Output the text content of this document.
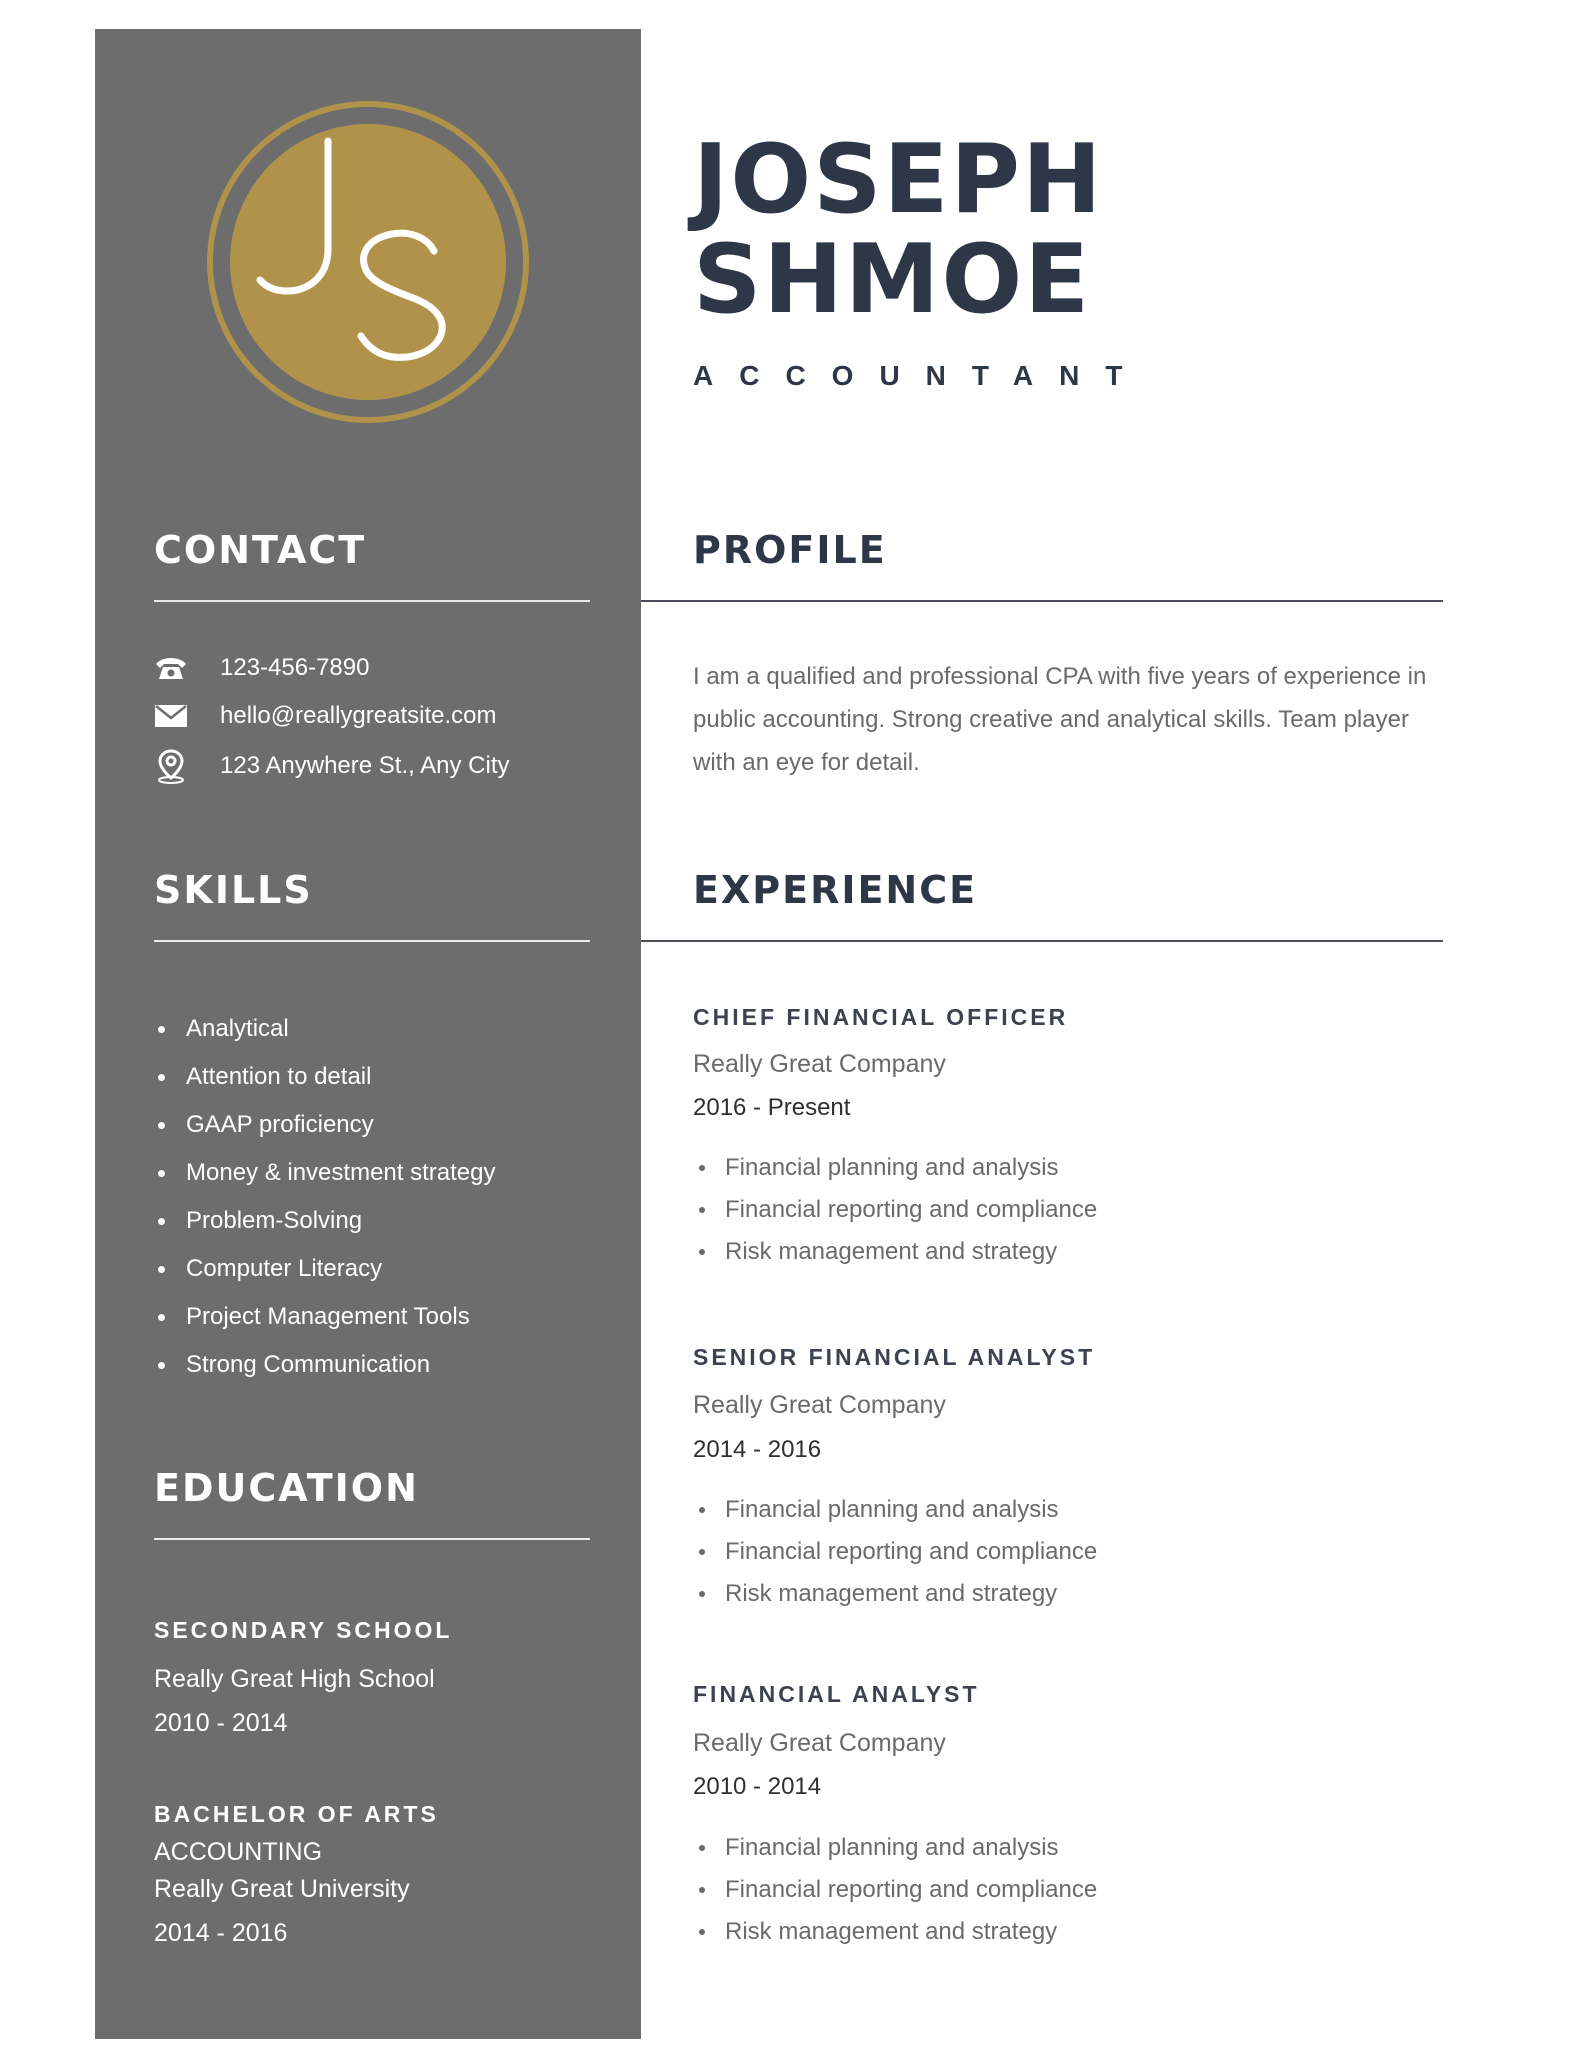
CONTACT
123-456-7890
hello@reallygreatsite.com
123 Anywhere St., Any City
SKILLS
Analytical
Attention to detail
GAAP proficiency
Money & investment strategy
Problem-Solving
Computer Literacy
Project Management Tools
Strong Communication
EDUCATION
SECONDARY SCHOOL
Really Great High School
2010 - 2014
BACHELOR OF ARTS
ACCOUNTING
Really Great University
2014 - 2016
JOSEPH
SHMOE
ACCOUNTANT
PROFILE

I am a qualified and professional CPA with five years of experience in public accounting. Strong creative and analytical skills. Team player with an eye for detail.

EXPERIENCE
CHIEF FINANCIAL OFFICER
Really Great Company
2016 - Present
Financial planning and analysis
Financial reporting and compliance
Risk management and strategy
SENIOR FINANCIAL ANALYST
Really Great Company
2014 - 2016
Financial planning and analysis
Financial reporting and compliance
Risk management and strategy
FINANCIAL ANALYST
Really Great Company
2010 - 2014
Financial planning and analysis
Financial reporting and compliance
Risk management and strategy
